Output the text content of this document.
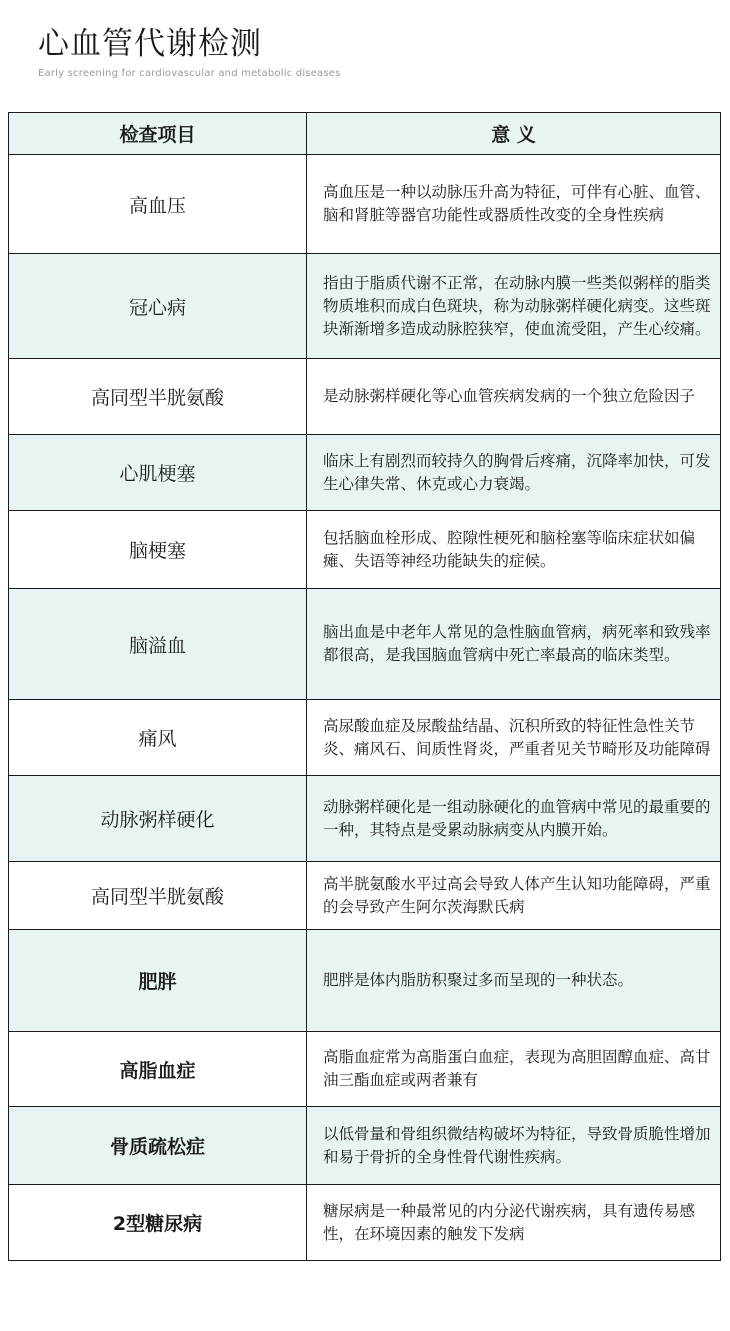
心血管代谢检测
Early screening for cardiovascular and metabolic diseases
检查项目	意 义
高血压	高血压是一种以动脉压升高为特征，可伴有心脏、血管、脑和肾脏等器官功能性或器质性改变的全身性疾病
冠心病	指由于脂质代谢不正常，在动脉内膜一些类似粥样的脂类物质堆积而成白色斑块，称为动脉粥样硬化病变。这些斑块渐渐增多造成动脉腔狭窄，使血流受阻，产生心绞痛。
高同型半胱氨酸	是动脉粥样硬化等心血管疾病发病的一个独立危险因子
心肌梗塞	临床上有剧烈而较持久的胸骨后疼痛，沉降率加快，可发生心律失常、休克或心力衰竭。
脑梗塞	包括脑血栓形成、腔隙性梗死和脑栓塞等临床症状如偏瘫、失语等神经功能缺失的症候。
脑溢血	脑出血是中老年人常见的急性脑血管病，病死率和致残率都很高，是我国脑血管病中死亡率最高的临床类型。
痛风	高尿酸血症及尿酸盐结晶、沉积所致的特征性急性关节炎、痛风石、间质性肾炎，严重者见关节畸形及功能障碍
动脉粥样硬化	动脉粥样硬化是一组动脉硬化的血管病中常见的最重要的一种，其特点是受累动脉病变从内膜开始。
高同型半胱氨酸	高半胱氨酸水平过高会导致人体产生认知功能障碍，严重的会导致产生阿尔茨海默氏病
肥胖	肥胖是体内脂肪积聚过多而呈现的一种状态。
高脂血症	高脂血症常为高脂蛋白血症，表现为高胆固醇血症、高甘油三酯血症或两者兼有
骨质疏松症	以低骨量和骨组织微结构破坏为特征，导致骨质脆性增加和易于骨折的全身性骨代谢性疾病。
2型糖尿病	糖尿病是一种最常见的内分泌代谢疾病，具有遗传易感性，在环境因素的触发下发病
